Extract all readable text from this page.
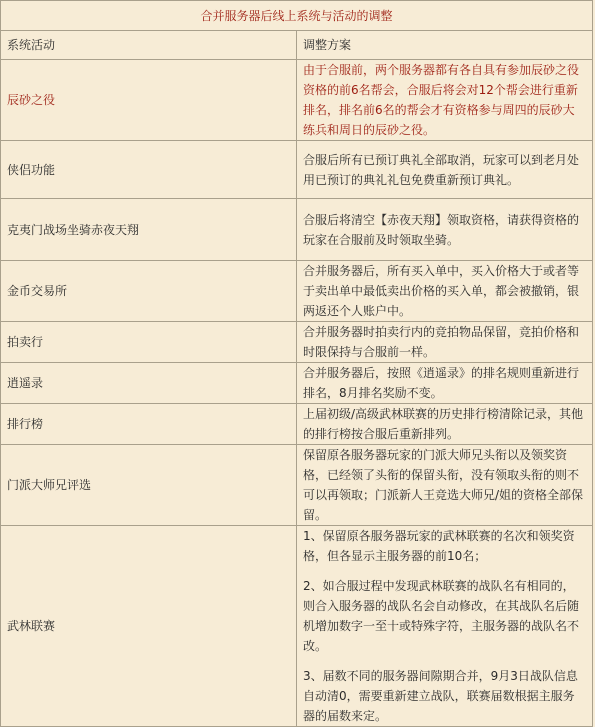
合并服务器后线上系统与活动的调整	
系统活动	调整方案
辰砂之役	由于合服前，两个服务器都有各自具有参加辰砂之役资格的前6名帮会，合服后将会对12个帮会进行重新排名，排名前6名的帮会才有资格参与周四的辰砂大练兵和周日的辰砂之役。
侠侣功能	合服后所有已预订典礼全部取消，玩家可以到老月处用已预订的典礼礼包免费重新预订典礼。
克夷门战场坐骑赤夜天翔	合服后将清空【赤夜天翔】领取资格，请获得资格的玩家在合服前及时领取坐骑。
金币交易所	合并服务器后，所有买入单中，买入价格大于或者等于卖出单中最低卖出价格的买入单，都会被撤销，银两返还个人账户中。
拍卖行	合并服务器时拍卖行内的竞拍物品保留，竞拍价格和时限保持与合服前一样。
逍遥录	合并服务器后，按照《逍遥录》的排名规则重新进行排名，8月排名奖励不变。
排行榜	上届初级/高级武林联赛的历史排行榜清除记录，其他的排行榜按合服后重新排列。
门派大师兄评选	保留原各服务器玩家的门派大师兄头衔以及领奖资格，已经领了头衔的保留头衔，没有领取头衔的则不可以再领取；门派新人王竞选大师兄/姐的资格全部保留。
武林联赛	1、保留原各服务器玩家的武林联赛的名次和领奖资格，但各显示主服务器的前10名；

2、如合服过程中发现武林联赛的战队名有相同的，则合入服务器的战队名会自动修改，在其战队名后随机增加数字一至十或特殊字符，主服务器的战队名不改。

3、届数不同的服务器间隙期合并，9月3日战队信息自动清0，需要重新建立战队，联赛届数根据主服务器的届数来定。
